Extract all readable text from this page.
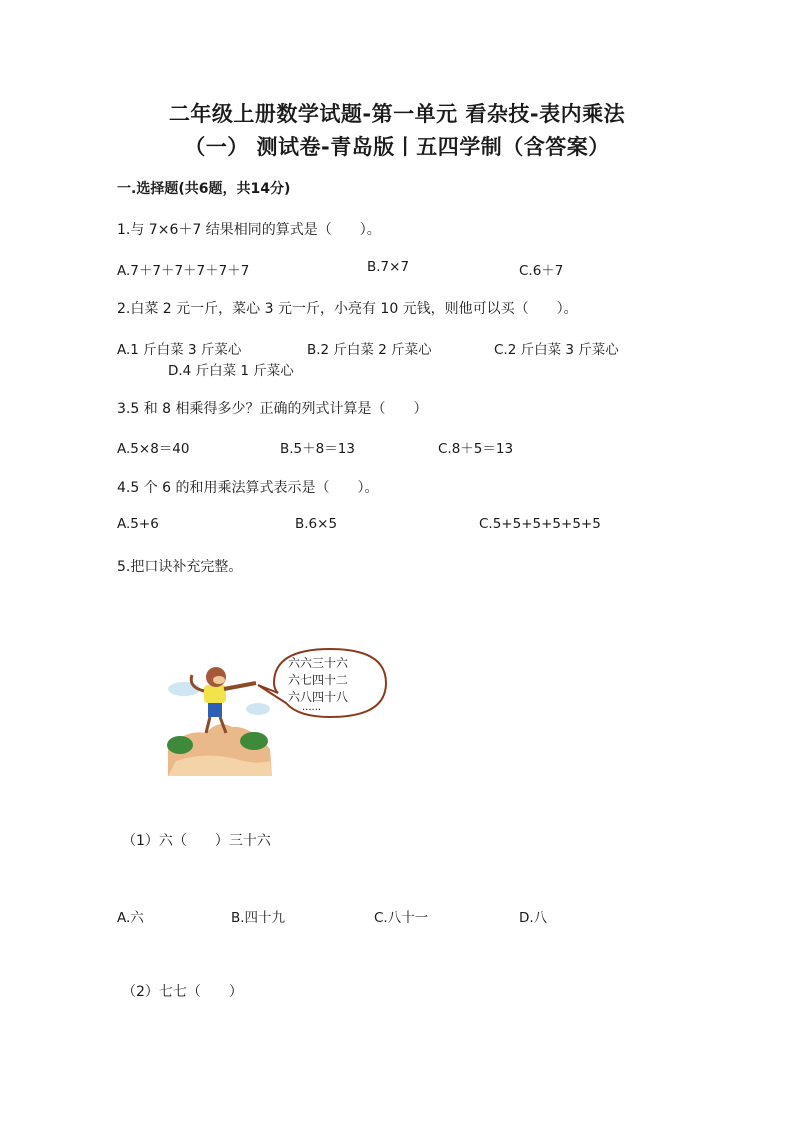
二年级上册数学试题-第一单元 看杂技-表内乘法
（一） 测试卷-青岛版丨五四学制（含答案）
一.选择题(共6题，共14分)
1.与 7×6＋7 结果相同的算式是（　　）。
A.7＋7＋7＋7＋7＋7	B.7×7	C.6＋7
2.白菜 2 元一斤，菜心 3 元一斤，小亮有 10 元钱，则他可以买（　　）。
A.1 斤白菜 3 斤菜心	B.2 斤白菜 2 斤菜心	C.2 斤白菜 3 斤菜心
D.4 斤白菜 1 斤菜心
3.5 和 8 相乘得多少？正确的列式计算是（　　）
A.5×8＝40	B.5＋8＝13	C.8＋5＝13
4.5 个 6 的和用乘法算式表示是（　　）。
A.5+6	B.6×5	C.5+5+5+5+5+5
5.把口诀补充完整。
六六三十六
六七四十二
六八四十八
······
（1）六（　　）三十六
A.六	B.四十九	C.八十一	D.八
（2）七七（　　）
